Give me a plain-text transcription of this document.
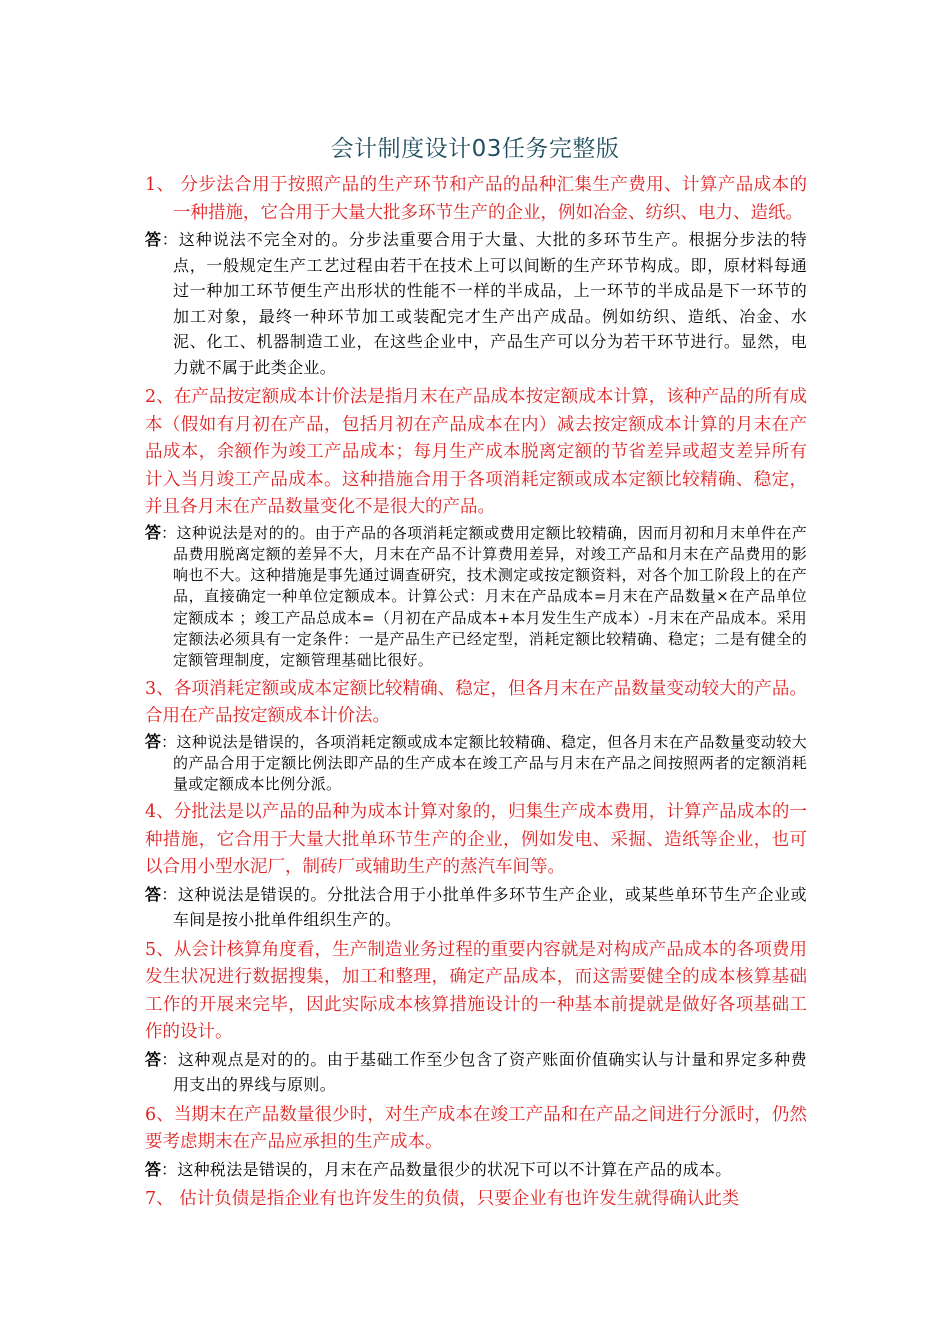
会计制度设计03任务完整版

1、 分步法合用于按照产品的生产环节和产品的品种汇集生产费用、计算产品成本的一种措施，它合用于大量大批多环节生产的企业，例如冶金、纺织、电力、造纸。

答：这种说法不完全对的。分步法重要合用于大量、大批的多环节生产。根据分步法的特点，一般规定生产工艺过程由若干在技术上可以间断的生产环节构成。即，原材料每通过一种加工环节便生产出形状的性能不一样的半成品，上一环节的半成品是下一环节的加工对象，最终一种环节加工或装配完才生产出产成品。例如纺织、造纸、冶金、水泥、化工、机器制造工业，在这些企业中，产品生产可以分为若干环节进行。显然，电力就不属于此类企业。

2、在产品按定额成本计价法是指月末在产品成本按定额成本计算，该种产品的所有成本（假如有月初在产品，包括月初在产品成本在内）减去按定额成本计算的月末在产品成本，余额作为竣工产品成本；每月生产成本脱离定额的节省差异或超支差异所有计入当月竣工产品成本。这种措施合用于各项消耗定额或成本定额比较精确、稳定，并且各月末在产品数量变化不是很大的产品。

答：这种说法是对的的。由于产品的各项消耗定额或费用定额比较精确，因而月初和月末单件在产品费用脱离定额的差异不大，月末在产品不计算费用差异，对竣工产品和月末在产品费用的影响也不大。这种措施是事先通过调查研究，技术测定或按定额资料，对各个加工阶段上的在产品，直接确定一种单位定额成本。计算公式：月末在产品成本=月末在产品数量×在产品单位定额成本 ；竣工产品总成本=（月初在产品成本+本月发生生产成本）-月末在产品成本。采用定额法必须具有一定条件：一是产品生产已经定型，消耗定额比较精确、稳定；二是有健全的定额管理制度，定额管理基础比很好。

3、各项消耗定额或成本定额比较精确、稳定，但各月末在产品数量变动较大的产品。合用在产品按定额成本计价法。

答：这种说法是错误的，各项消耗定额或成本定额比较精确、稳定，但各月末在产品数量变动较大的产品合用于定额比例法即产品的生产成本在竣工产品与月末在产品之间按照两者的定额消耗量或定额成本比例分派。

4、分批法是以产品的品种为成本计算对象的，归集生产成本费用，计算产品成本的一种措施，它合用于大量大批单环节生产的企业，例如发电、采掘、造纸等企业，也可以合用小型水泥厂，制砖厂或辅助生产的蒸汽车间等。

答：这种说法是错误的。分批法合用于小批单件多环节生产企业，或某些单环节生产企业或车间是按小批单件组织生产的。

5、从会计核算角度看，生产制造业务过程的重要内容就是对构成产品成本的各项费用发生状况进行数据搜集，加工和整理，确定产品成本，而这需要健全的成本核算基础工作的开展来完毕，因此实际成本核算措施设计的一种基本前提就是做好各项基础工作的设计。

答：这种观点是对的的。由于基础工作至少包含了资产账面价值确实认与计量和界定多种费用支出的界线与原则。

6、当期末在产品数量很少时，对生产成本在竣工产品和在产品之间进行分派时，仍然要考虑期末在产品应承担的生产成本。

答：这种税法是错误的，月末在产品数量很少的状况下可以不计算在产品的成本。

7、 估计负债是指企业有也许发生的负债，只要企业有也许发生就得确认此类
